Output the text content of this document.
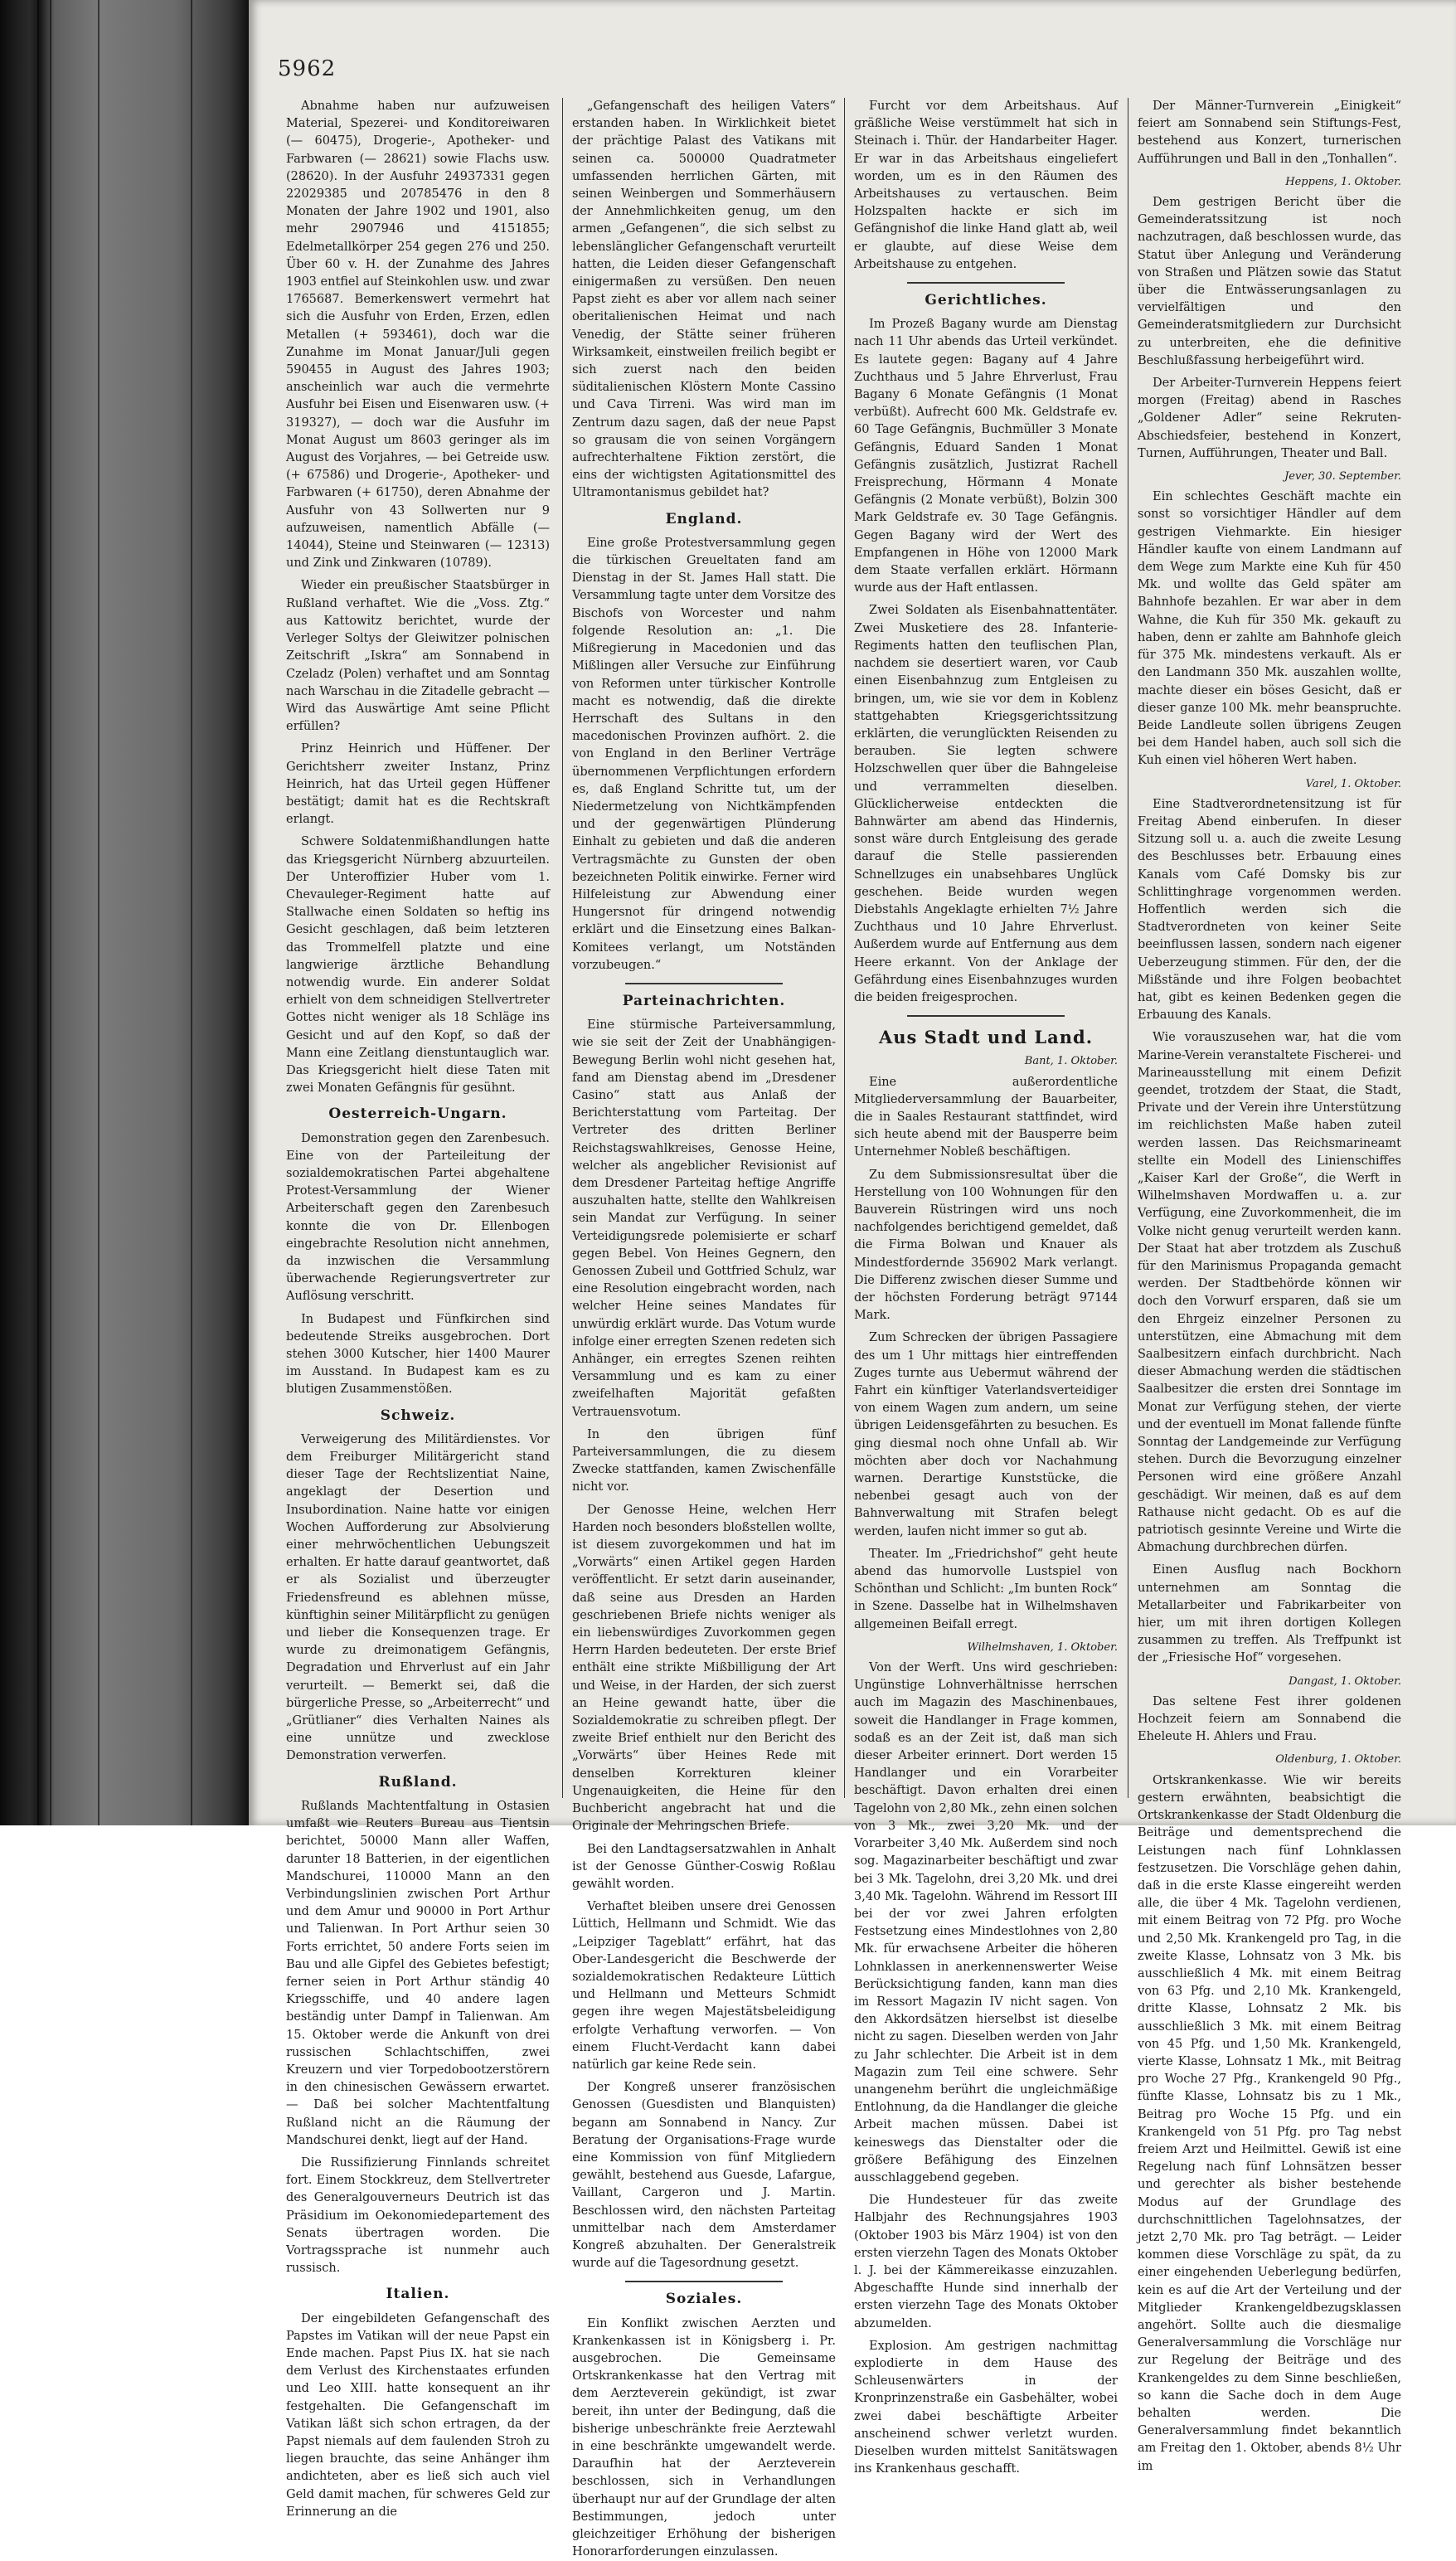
5962

Abnahme haben nur aufzuweisen Material, Spezerei- und Konditoreiwaren (— 60475), Drogerie-, Apotheker- und Farbwaren (— 28621) sowie Flachs usw. (28620). In der Ausfuhr 24937331 gegen 22029385 und 20785476 in den 8 Monaten der Jahre 1902 und 1901, also mehr 2907946 und 4151855; Edelmetallkörper 254 gegen 276 und 250. Über 60 v. H. der Zunahme des Jahres 1903 entfiel auf Steinkohlen usw. und zwar 1765687. Bemerkenswert vermehrt hat sich die Ausfuhr von Erden, Erzen, edlen Metallen (+ 593461), doch war die Zunahme im Monat Januar/Juli gegen 590455 in August des Jahres 1903; anscheinlich war auch die vermehrte Ausfuhr bei Eisen und Eisenwaren usw. (+ 319327), — doch war die Ausfuhr im Monat August um 8603 geringer als im August des Vorjahres, — bei Getreide usw. (+ 67586) und Drogerie-, Apotheker- und Farbwaren (+ 61750), deren Abnahme der Ausfuhr von 43 Sollwerten nur 9 aufzuweisen, namentlich Abfälle (— 14044), Steine und Steinwaren (— 12313) und Zink und Zinkwaren (10789).

Wieder ein preußischer Staatsbürger in Rußland verhaftet. Wie die „Voss. Ztg.“ aus Kattowitz berichtet, wurde der Verleger Soltys der Gleiwitzer polnischen Zeitschrift „Iskra“ am Sonnabend in Czeladz (Polen) verhaftet und am Sonntag nach Warschau in die Zitadelle gebracht — Wird das Auswärtige Amt seine Pflicht erfüllen?

Prinz Heinrich und Hüffener. Der Gerichtsherr zweiter Instanz, Prinz Heinrich, hat das Urteil gegen Hüffener bestätigt; damit hat es die Rechtskraft erlangt.

Schwere Soldatenmißhandlungen hatte das Kriegsgericht Nürnberg abzuurteilen. Der Unteroffizier Huber vom 1. Chevauleger-Regiment hatte auf Stallwache einen Soldaten so heftig ins Gesicht geschlagen, daß beim letzteren das Trommelfell platzte und eine langwierige ärztliche Behandlung notwendig wurde. Ein anderer Soldat erhielt von dem schneidigen Stellvertreter Gottes nicht weniger als 18 Schläge ins Gesicht und auf den Kopf, so daß der Mann eine Zeitlang dienstuntauglich war. Das Kriegsgericht hielt diese Taten mit zwei Monaten Gefängnis für gesühnt.

Oesterreich-Ungarn.

Demonstration gegen den Zarenbesuch. Eine von der Parteileitung der sozialdemokratischen Partei abgehaltene Protest-Versammlung der Wiener Arbeiterschaft gegen den Zarenbesuch konnte die von Dr. Ellenbogen eingebrachte Resolution nicht annehmen, da inzwischen die Versammlung überwachende Regierungsvertreter zur Auflösung verschritt.

In Budapest und Fünfkirchen sind bedeutende Streiks ausgebrochen. Dort stehen 3000 Kutscher, hier 1400 Maurer im Ausstand. In Budapest kam es zu blutigen Zusammenstößen.

Schweiz.

Verweigerung des Militärdienstes. Vor dem Freiburger Militärgericht stand dieser Tage der Rechtslizentiat Naine, angeklagt der Desertion und Insubordination. Naine hatte vor einigen Wochen Aufforderung zur Absolvierung einer mehrwöchentlichen Uebungszeit erhalten. Er hatte darauf geantwortet, daß er als Sozialist und überzeugter Friedensfreund es ablehnen müsse, künftighin seiner Militärpflicht zu genügen und lieber die Konsequenzen trage. Er wurde zu dreimonatigem Gefängnis, Degradation und Ehrverlust auf ein Jahr verurteilt. — Bemerkt sei, daß die bürgerliche Presse, so „Arbeiterrecht“ und „Grütlianer“ dies Verhalten Naines als eine unnütze und zwecklose Demonstration verwerfen.

Rußland.

Rußlands Machtentfaltung in Ostasien umfaßt wie Reuters Bureau aus Tientsin berichtet, 50000 Mann aller Waffen, darunter 18 Batterien, in der eigentlichen Mandschurei, 110000 Mann an den Verbindungslinien zwischen Port Arthur und dem Amur und 90000 in Port Arthur und Talienwan. In Port Arthur seien 30 Forts errichtet, 50 andere Forts seien im Bau und alle Gipfel des Gebietes befestigt; ferner seien in Port Arthur ständig 40 Kriegsschiffe, und 40 andere lagen beständig unter Dampf in Talienwan. Am 15. Oktober werde die Ankunft von drei russischen Schlachtschiffen, zwei Kreuzern und vier Torpedobootzerstörern in den chinesischen Gewässern erwartet. — Daß bei solcher Machtentfaltung Rußland nicht an die Räumung der Mandschurei denkt, liegt auf der Hand.

Die Russifizierung Finnlands schreitet fort. Einem Stockkreuz, dem Stellvertreter des Generalgouverneurs Deutrich ist das Präsidium im Oekonomiedepartement des Senats übertragen worden. Die Vortragssprache ist nunmehr auch russisch.

Italien.

Der eingebildeten Gefangenschaft des Papstes im Vatikan will der neue Papst ein Ende machen. Papst Pius IX. hat sie nach dem Verlust des Kirchenstaates erfunden und Leo XIII. hatte konsequent an ihr festgehalten. Die Gefangenschaft im Vatikan läßt sich schon ertragen, da der Papst niemals auf dem faulenden Stroh zu liegen brauchte, das seine Anhänger ihm andichteten, aber es ließ sich auch viel Geld damit machen, für schweres Geld zur Erinnerung an die

„Gefangenschaft des heiligen Vaters“ erstanden haben. In Wirklichkeit bietet der prächtige Palast des Vatikans mit seinen ca. 500000 Quadratmeter umfassenden herrlichen Gärten, mit seinen Weinbergen und Sommerhäusern der Annehmlichkeiten genug, um den armen „Gefangenen“, die sich selbst zu lebenslänglicher Gefangenschaft verurteilt hatten, die Leiden dieser Gefangenschaft einigermaßen zu versüßen. Den neuen Papst zieht es aber vor allem nach seiner oberitalienischen Heimat und nach Venedig, der Stätte seiner früheren Wirksamkeit, einstweilen freilich begibt er sich zuerst nach den beiden süditalienischen Klöstern Monte Cassino und Cava Tirreni. Was wird man im Zentrum dazu sagen, daß der neue Papst so grausam die von seinen Vorgängern aufrechterhaltene Fiktion zerstört, die eins der wichtigsten Agitationsmittel des Ultramontanismus gebildet hat?

England.

Eine große Protestversammlung gegen die türkischen Greueltaten fand am Dienstag in der St. James Hall statt. Die Versammlung tagte unter dem Vorsitze des Bischofs von Worcester und nahm folgende Resolution an: „1. Die Mißregierung in Macedonien und das Mißlingen aller Versuche zur Einführung von Reformen unter türkischer Kontrolle macht es notwendig, daß die direkte Herrschaft des Sultans in den macedonischen Provinzen aufhört. 2. die von England in den Berliner Verträge übernommenen Verpflichtungen erfordern es, daß England Schritte tut, um der Niedermetzelung von Nichtkämpfenden und der gegenwärtigen Plünderung Einhalt zu gebieten und daß die anderen Vertragsmächte zu Gunsten der oben bezeichneten Politik einwirke. Ferner wird Hilfeleistung zur Abwendung einer Hungersnot für dringend notwendig erklärt und die Einsetzung eines Balkan-Komitees verlangt, um Notständen vorzubeugen.“

Parteinachrichten.

Eine stürmische Parteiversammlung, wie sie seit der Zeit der Unabhängigen-Bewegung Berlin wohl nicht gesehen hat, fand am Dienstag abend im „Dresdener Casino“ statt aus Anlaß der Berichterstattung vom Parteitag. Der Vertreter des dritten Berliner Reichstagswahlkreises, Genosse Heine, welcher als angeblicher Revisionist auf dem Dresdener Parteitag heftige Angriffe auszuhalten hatte, stellte den Wahlkreisen sein Mandat zur Verfügung. In seiner Verteidigungsrede polemisierte er scharf gegen Bebel. Von Heines Gegnern, den Genossen Zubeil und Gottfried Schulz, war eine Resolution eingebracht worden, nach welcher Heine seines Mandates für unwürdig erklärt wurde. Das Votum wurde infolge einer erregten Szenen redeten sich Anhänger, ein erregtes Szenen reihten Versammlung und es kam zu einer zweifelhaften Majorität gefaßten Vertrauensvotum.

In den übrigen fünf Parteiversammlungen, die zu diesem Zwecke stattfanden, kamen Zwischenfälle nicht vor.

Der Genosse Heine, welchen Herr Harden noch besonders bloßstellen wollte, ist diesem zuvorgekommen und hat im „Vorwärts“ einen Artikel gegen Harden veröffentlicht. Er setzt darin auseinander, daß seine aus Dresden an Harden geschriebenen Briefe nichts weniger als ein liebenswürdiges Zuvorkommen gegen Herrn Harden bedeuteten. Der erste Brief enthält eine strikte Mißbilligung der Art und Weise, in der Harden, der sich zuerst an Heine gewandt hatte, über die Sozialdemokratie zu schreiben pflegt. Der zweite Brief enthielt nur den Bericht des „Vorwärts“ über Heines Rede mit denselben Korrekturen kleiner Ungenauigkeiten, die Heine für den Buchbericht angebracht hat und die Originale der Mehringschen Briefe.

Bei den Landtagsersatzwahlen in Anhalt ist der Genosse Günther-Coswig Roßlau gewählt worden.

Verhaftet bleiben unsere drei Genossen Lüttich, Hellmann und Schmidt. Wie das „Leipziger Tageblatt“ erfährt, hat das Ober-Landesgericht die Beschwerde der sozialdemokratischen Redakteure Lüttich und Hellmann und Metteurs Schmidt gegen ihre wegen Majestätsbeleidigung erfolgte Verhaftung verworfen. — Von einem Flucht-Verdacht kann dabei natürlich gar keine Rede sein.

Der Kongreß unserer französischen Genossen (Guesdisten und Blanquisten) begann am Sonnabend in Nancy. Zur Beratung der Organisations-Frage wurde eine Kommission von fünf Mitgliedern gewählt, bestehend aus Guesde, Lafargue, Vaillant, Cargeron und J. Martin. Beschlossen wird, den nächsten Parteitag unmittelbar nach dem Amsterdamer Kongreß abzuhalten. Der Generalstreik wurde auf die Tagesordnung gesetzt.

Soziales.

Ein Konflikt zwischen Aerzten und Krankenkassen ist in Königsberg i. Pr. ausgebrochen. Die Gemeinsame Ortskrankenkasse hat den Vertrag mit dem Aerzteverein gekündigt, ist zwar bereit, ihn unter der Bedingung, daß die bisherige unbeschränkte freie Aerztewahl in eine beschränkte umgewandelt werde. Daraufhin hat der Aerzteverein beschlossen, sich in Verhandlungen überhaupt nur auf der Grundlage der alten Bestimmungen, jedoch unter gleichzeitiger Erhöhung der bisherigen Honorarforderungen einzulassen.

Furcht vor dem Arbeitshaus. Auf gräßliche Weise verstümmelt hat sich in Steinach i. Thür. der Handarbeiter Hager. Er war in das Arbeitshaus eingeliefert worden, um es in den Räumen des Arbeitshauses zu vertauschen. Beim Holzspalten hackte er sich im Gefängnishof die linke Hand glatt ab, weil er glaubte, auf diese Weise dem Arbeitshause zu entgehen.

Gerichtliches.

Im Prozeß Bagany wurde am Dienstag nach 11 Uhr abends das Urteil verkündet. Es lautete gegen: Bagany auf 4 Jahre Zuchthaus und 5 Jahre Ehrverlust, Frau Bagany 6 Monate Gefängnis (1 Monat verbüßt). Aufrecht 600 Mk. Geldstrafe ev. 60 Tage Gefängnis, Buchmüller 3 Monate Gefängnis, Eduard Sanden 1 Monat Gefängnis zusätzlich, Justizrat Rachell Freisprechung, Hörmann 4 Monate Gefängnis (2 Monate verbüßt), Bolzin 300 Mark Geldstrafe ev. 30 Tage Gefängnis. Gegen Bagany wird der Wert des Empfangenen in Höhe von 12000 Mark dem Staate verfallen erklärt. Hörmann wurde aus der Haft entlassen.

Zwei Soldaten als Eisenbahnattentäter. Zwei Musketiere des 28. Infanterie-Regiments hatten den teuflischen Plan, nachdem sie desertiert waren, vor Caub einen Eisenbahnzug zum Entgleisen zu bringen, um, wie sie vor dem in Koblenz stattgehabten Kriegsgerichtssitzung erklärten, die verunglückten Reisenden zu berauben. Sie legten schwere Holzschwellen quer über die Bahngeleise und verrammelten dieselben. Glücklicherweise entdeckten die Bahnwärter am abend das Hindernis, sonst wäre durch Entgleisung des gerade darauf die Stelle passierenden Schnellzuges ein unabsehbares Unglück geschehen. Beide wurden wegen Diebstahls Angeklagte erhielten 7½ Jahre Zuchthaus und 10 Jahre Ehrverlust. Außerdem wurde auf Entfernung aus dem Heere erkannt. Von der Anklage der Gefährdung eines Eisenbahnzuges wurden die beiden freigesprochen.

Aus Stadt und Land.
Bant, 1. Oktober.

Eine außerordentliche Mitgliederversammlung der Bauarbeiter, die in Saales Restaurant stattfindet, wird sich heute abend mit der Bausperre beim Unternehmer Nobleß beschäftigen.

Zu dem Submissionsresultat über die Herstellung von 100 Wohnungen für den Bauverein Rüstringen wird uns noch nachfolgendes berichtigend gemeldet, daß die Firma Bolwan und Knauer als Mindestfordernde 356902 Mark verlangt. Die Differenz zwischen dieser Summe und der höchsten Forderung beträgt 97144 Mark.

Zum Schrecken der übrigen Passagiere des um 1 Uhr mittags hier eintreffenden Zuges turnte aus Uebermut während der Fahrt ein künftiger Vaterlandsverteidiger von einem Wagen zum andern, um seine übrigen Leidensgefährten zu besuchen. Es ging diesmal noch ohne Unfall ab. Wir möchten aber doch vor Nachahmung warnen. Derartige Kunststücke, die nebenbei gesagt auch von der Bahnverwaltung mit Strafen belegt werden, laufen nicht immer so gut ab.

Theater. Im „Friedrichshof“ geht heute abend das humorvolle Lustspiel von Schönthan und Schlicht: „Im bunten Rock“ in Szene. Dasselbe hat in Wilhelmshaven allgemeinen Beifall erregt.

Wilhelmshaven, 1. Oktober.

Von der Werft. Uns wird geschrieben: Ungünstige Lohnverhältnisse herrschen auch im Magazin des Maschinenbaues, soweit die Handlanger in Frage kommen, sodaß es an der Zeit ist, daß man sich dieser Arbeiter erinnert. Dort werden 15 Handlanger und ein Vorarbeiter beschäftigt. Davon erhalten drei einen Tagelohn von 2,80 Mk., zehn einen solchen von 3 Mk., zwei 3,20 Mk. und der Vorarbeiter 3,40 Mk. Außerdem sind noch sog. Magazinarbeiter beschäftigt und zwar bei 3 Mk. Tagelohn, drei 3,20 Mk. und drei 3,40 Mk. Tagelohn. Während im Ressort III bei der vor zwei Jahren erfolgten Festsetzung eines Mindestlohnes von 2,80 Mk. für erwachsene Arbeiter die höheren Lohnklassen in anerkennenswerter Weise Berücksichtigung fanden, kann man dies im Ressort Magazin IV nicht sagen. Von den Akkordsätzen hierselbst ist dieselbe nicht zu sagen. Dieselben werden von Jahr zu Jahr schlechter. Die Arbeit ist in dem Magazin zum Teil eine schwere. Sehr unangenehm berührt die ungleichmäßige Entlohnung, da die Handlanger die gleiche Arbeit machen müssen. Dabei ist keineswegs das Dienstalter oder die größere Befähigung des Einzelnen ausschlaggebend gegeben.

Die Hundesteuer für das zweite Halbjahr des Rechnungsjahres 1903 (Oktober 1903 bis März 1904) ist von den ersten vierzehn Tagen des Monats Oktober l. J. bei der Kämmereikasse einzuzahlen. Abgeschaffte Hunde sind innerhalb der ersten vierzehn Tage des Monats Oktober abzumelden.

Explosion. Am gestrigen nachmittag explodierte in dem Hause des Schleusenwärters in der Kronprinzenstraße ein Gasbehälter, wobei zwei dabei beschäftigte Arbeiter anscheinend schwer verletzt wurden. Dieselben wurden mittelst Sanitätswagen ins Krankenhaus geschafft.

Der Männer-Turnverein „Einigkeit“ feiert am Sonnabend sein Stiftungs-Fest, bestehend aus Konzert, turnerischen Aufführungen und Ball in den „Tonhallen“.

Heppens, 1. Oktober.

Dem gestrigen Bericht über die Gemeinderatssitzung ist noch nachzutragen, daß beschlossen wurde, das Statut über Anlegung und Veränderung von Straßen und Plätzen sowie das Statut über die Entwässerungsanlagen zu vervielfältigen und den Gemeinderatsmitgliedern zur Durchsicht zu unterbreiten, ehe die definitive Beschlußfassung herbeigeführt wird.

Der Arbeiter-Turnverein Heppens feiert morgen (Freitag) abend in Rasches „Goldener Adler“ seine Rekruten-Abschiedsfeier, bestehend in Konzert, Turnen, Aufführungen, Theater und Ball.

Jever, 30. September.

Ein schlechtes Geschäft machte ein sonst so vorsichtiger Händler auf dem gestrigen Viehmarkte. Ein hiesiger Händler kaufte von einem Landmann auf dem Wege zum Markte eine Kuh für 450 Mk. und wollte das Geld später am Bahnhofe bezahlen. Er war aber in dem Wahne, die Kuh für 350 Mk. gekauft zu haben, denn er zahlte am Bahnhofe gleich für 375 Mk. mindestens verkauft. Als er den Landmann 350 Mk. auszahlen wollte, machte dieser ein böses Gesicht, daß er dieser ganze 100 Mk. mehr beanspruchte. Beide Landleute sollen übrigens Zeugen bei dem Handel haben, auch soll sich die Kuh einen viel höheren Wert haben.

Varel, 1. Oktober.

Eine Stadtverordnetensitzung ist für Freitag Abend einberufen. In dieser Sitzung soll u. a. auch die zweite Lesung des Beschlusses betr. Erbauung eines Kanals vom Café Domsky bis zur Schlittinghrage vorgenommen werden. Hoffentlich werden sich die Stadtverordneten von keiner Seite beeinflussen lassen, sondern nach eigener Ueberzeugung stimmen. Für den, der die Mißstände und ihre Folgen beobachtet hat, gibt es keinen Bedenken gegen die Erbauung des Kanals.

Wie vorauszusehen war, hat die vom Marine-Verein veranstaltete Fischerei- und Marineausstellung mit einem Defizit geendet, trotzdem der Staat, die Stadt, Private und der Verein ihre Unterstützung im reichlichsten Maße haben zuteil werden lassen. Das Reichsmarineamt stellte ein Modell des Linienschiffes „Kaiser Karl der Große“, die Werft in Wilhelmshaven Mordwaffen u. a. zur Verfügung, eine Zuvorkommenheit, die im Volke nicht genug verurteilt werden kann. Der Staat hat aber trotzdem als Zuschuß für den Marinismus Propaganda gemacht werden. Der Stadtbehörde können wir doch den Vorwurf ersparen, daß sie um den Ehrgeiz einzelner Personen zu unterstützen, eine Abmachung mit dem Saalbesitzern einfach durchbricht. Nach dieser Abmachung werden die städtischen Saalbesitzer die ersten drei Sonntage im Monat zur Verfügung stehen, der vierte und der eventuell im Monat fallende fünfte Sonntag der Landgemeinde zur Verfügung stehen. Durch die Bevorzugung einzelner Personen wird eine größere Anzahl geschädigt. Wir meinen, daß es auf dem Rathause nicht gedacht. Ob es auf die patriotisch gesinnte Vereine und Wirte die Abmachung durchbrechen dürfen.

Einen Ausflug nach Bockhorn unternehmen am Sonntag die Metallarbeiter und Fabrikarbeiter von hier, um mit ihren dortigen Kollegen zusammen zu treffen. Als Treffpunkt ist der „Friesische Hof“ vorgesehen.

Dangast, 1. Oktober.

Das seltene Fest ihrer goldenen Hochzeit feiern am Sonnabend die Eheleute H. Ahlers und Frau.

Oldenburg, 1. Oktober.

Ortskrankenkasse. Wie wir bereits gestern erwähnten, beabsichtigt die Ortskrankenkasse der Stadt Oldenburg die Beiträge und dementsprechend die Leistungen nach fünf Lohnklassen festzusetzen. Die Vorschläge gehen dahin, daß in die erste Klasse eingereiht werden alle, die über 4 Mk. Tagelohn verdienen, mit einem Beitrag von 72 Pfg. pro Woche und 2,50 Mk. Krankengeld pro Tag, in die zweite Klasse, Lohnsatz von 3 Mk. bis ausschließlich 4 Mk. mit einem Beitrag von 63 Pfg. und 2,10 Mk. Krankengeld, dritte Klasse, Lohnsatz 2 Mk. bis ausschließlich 3 Mk. mit einem Beitrag von 45 Pfg. und 1,50 Mk. Krankengeld, vierte Klasse, Lohnsatz 1 Mk., mit Beitrag pro Woche 27 Pfg., Krankengeld 90 Pfg., fünfte Klasse, Lohnsatz bis zu 1 Mk., Beitrag pro Woche 15 Pfg. und ein Krankengeld von 51 Pfg. pro Tag nebst freiem Arzt und Heilmittel. Gewiß ist eine Regelung nach fünf Lohnsätzen besser und gerechter als bisher bestehende Modus auf der Grundlage des durchschnittlichen Tagelohnsatzes, der jetzt 2,70 Mk. pro Tag beträgt. — Leider kommen diese Vorschläge zu spät, da zu einer eingehenden Ueberlegung bedürfen, kein es auf die Art der Verteilung und der Mitglieder Krankengeldbezugsklassen angehört. Sollte auch die diesmalige Generalversammlung die Vorschläge nur zur Regelung der Beiträge und des Krankengeldes zu dem Sinne beschließen, so kann die Sache doch in dem Auge behalten werden. Die Generalversammlung findet bekanntlich am Freitag den 1. Oktober, abends 8½ Uhr im
